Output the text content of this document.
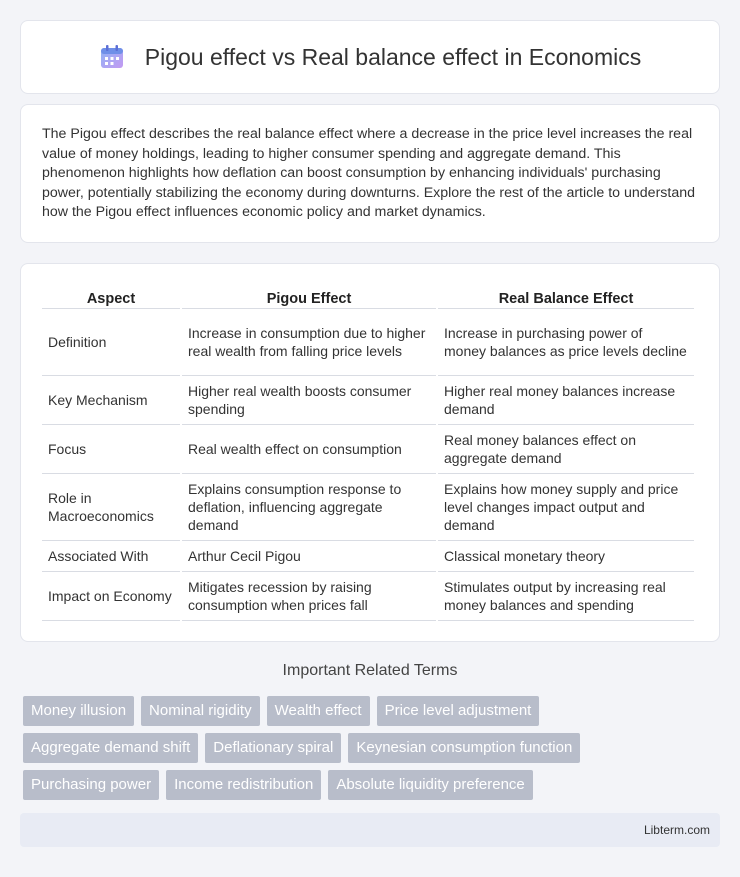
Pigou effect vs Real balance effect in Economics

The Pigou effect describes the real balance effect where a decrease in the price level increases the real value of money holdings, leading to higher consumer spending and aggregate demand. This phenomenon highlights how deflation can boost consumption by enhancing individuals' purchasing power, potentially stabilizing the economy during downturns. Explore the rest of the article to understand how the Pigou effect influences economic policy and market dynamics.

Aspect	Pigou Effect	Real Balance Effect
Definition	Increase in consumption due to higher real wealth from falling price levels	Increase in purchasing power of money balances as price levels decline
Key Mechanism	Higher real wealth boosts consumer spending	Higher real money balances increase demand
Focus	Real wealth effect on consumption	Real money balances effect on aggregate demand
Role in Macroeconomics	Explains consumption response to deflation, influencing aggregate demand	Explains how money supply and price level changes impact output and demand
Associated With	Arthur Cecil Pigou	Classical monetary theory
Impact on Economy	Mitigates recession by raising consumption when prices fall	Stimulates output by increasing real money balances and spending
Important Related Terms
Money illusion	Nominal rigidity	Wealth effect	Price level adjustment
Aggregate demand shift	Deflationary spiral	Keynesian consumption function
Purchasing power	Income redistribution	Absolute liquidity preference
Libterm.com
